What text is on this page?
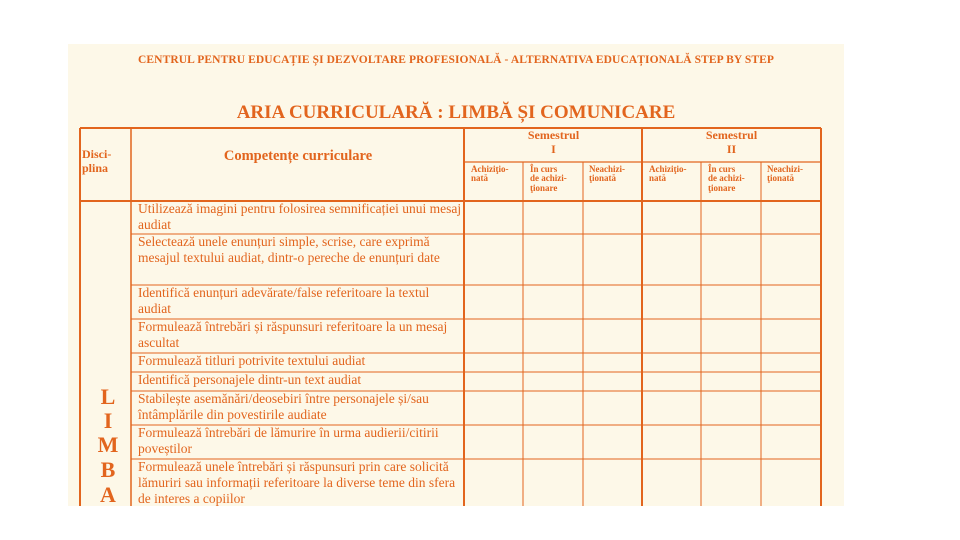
CENTRUL PENTRU EDUCAȚIE ȘI DEZVOLTARE PROFESIONALĂ - ALTERNATIVA EDUCAȚIONALĂ STEP BY STEP
ARIA CURRICULARĂ : LIMBĂ ȘI COMUNICARE
Disci-
plina
Competențe curriculare
Semestrul
I
Semestrul
II
Achiziţio-
nată
În curs
de achizi-
ţionare
Neachizi-
ţionată
Achiziţio-
nată
În curs
de achizi-
ţionare
Neachizi-
ţionată
L
I
M
B
A
Utilizează imagini pentru folosirea semnificației unui mesaj audiat
Selectează unele enunțuri simple, scrise, care exprimă mesajul textului audiat, dintr-o pereche de enunțuri date
Identifică enunțuri adevărate/false referitoare la textul audiat
Formulează întrebări și răspunsuri referitoare la un mesaj ascultat
Formulează titluri potrivite textului audiat
Identifică personajele dintr-un text audiat
Stabilește asemănări/deosebiri între personajele și/sau întâmplările din povestirile audiate
Formulează întrebări de lămurire în urma audierii/citirii poveștilor
Formulează unele întrebări și răspunsuri prin care solicită lămuriri sau informații referitoare la diverse teme din sfera de interes a copiilor
